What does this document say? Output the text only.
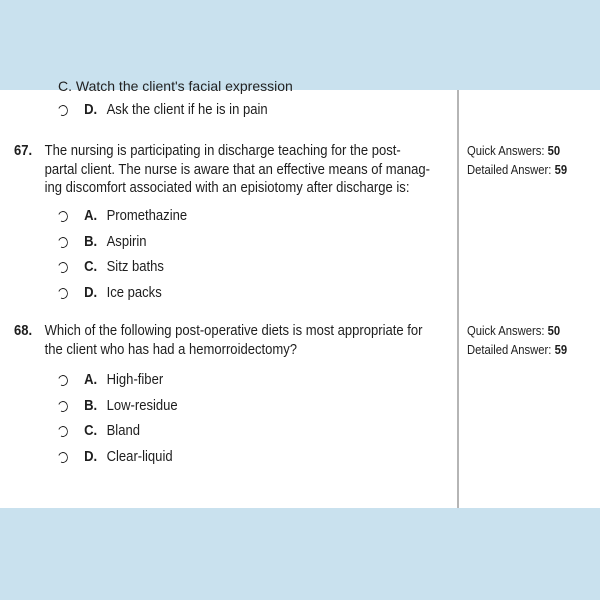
C. Watch the client's facial expression
D. Ask the client if he is in pain
67. The nursing is participating in discharge teaching for the post-
partal client. The nurse is aware that an effective means of manag-
ing discomfort associated with an episiotomy after discharge is:
Quick Answers: 50
Detailed Answer: 59
A. Promethazine
B. Aspirin
C. Sitz baths
D. Ice packs
68. Which of the following post-operative diets is most appropriate for
the client who has had a hemorroidectomy?
Quick Answers: 50
Detailed Answer: 59
A. High-fiber
B. Low-residue
C. Bland
D. Clear-liquid
